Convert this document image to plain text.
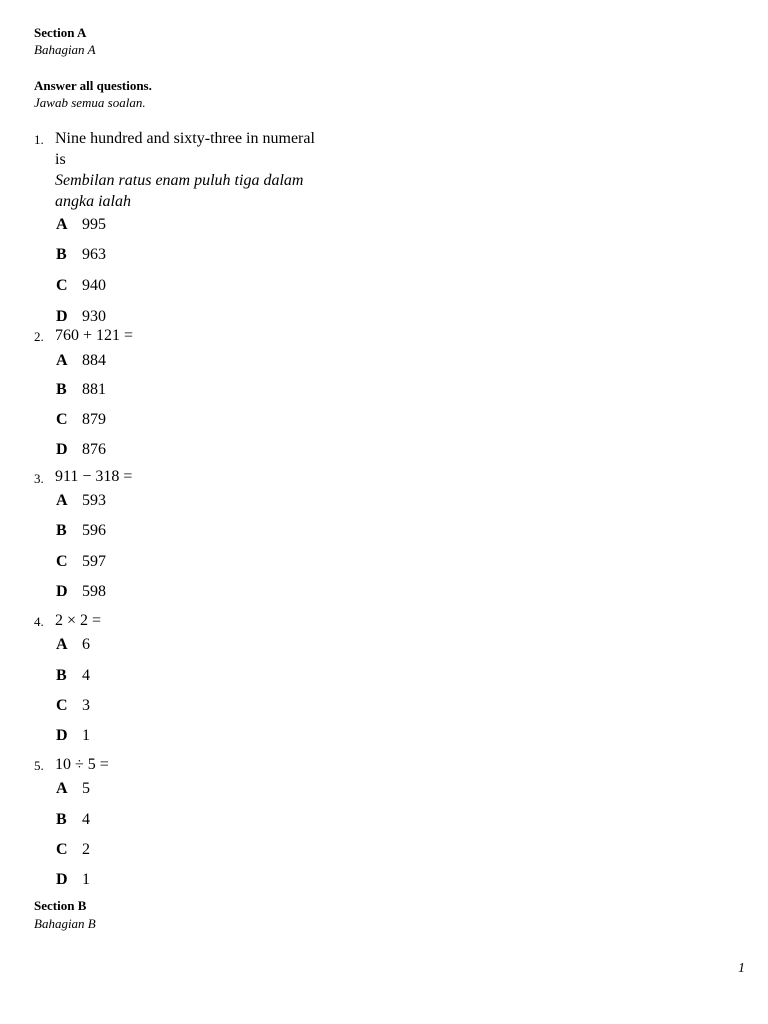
Section A
Bahagian A
Answer all questions.
Jawab semua soalan.
1. Nine hundred and sixty-three in numeral
is
Sembilan ratus enam puluh tiga dalam
angka ialah
A 995
B 963
C 940
D 930
2. 760 + 121 =
A 884
B 881
C 879
D 876
3. 911 − 318 =
A 593
B 596
C 597
D 598
4. 2 × 2 =
A 6
B 4
C 3
D 1
5. 10 ÷ 5 =
A 5
B 4
C 2
D 1
Section B
Bahagian B
1
